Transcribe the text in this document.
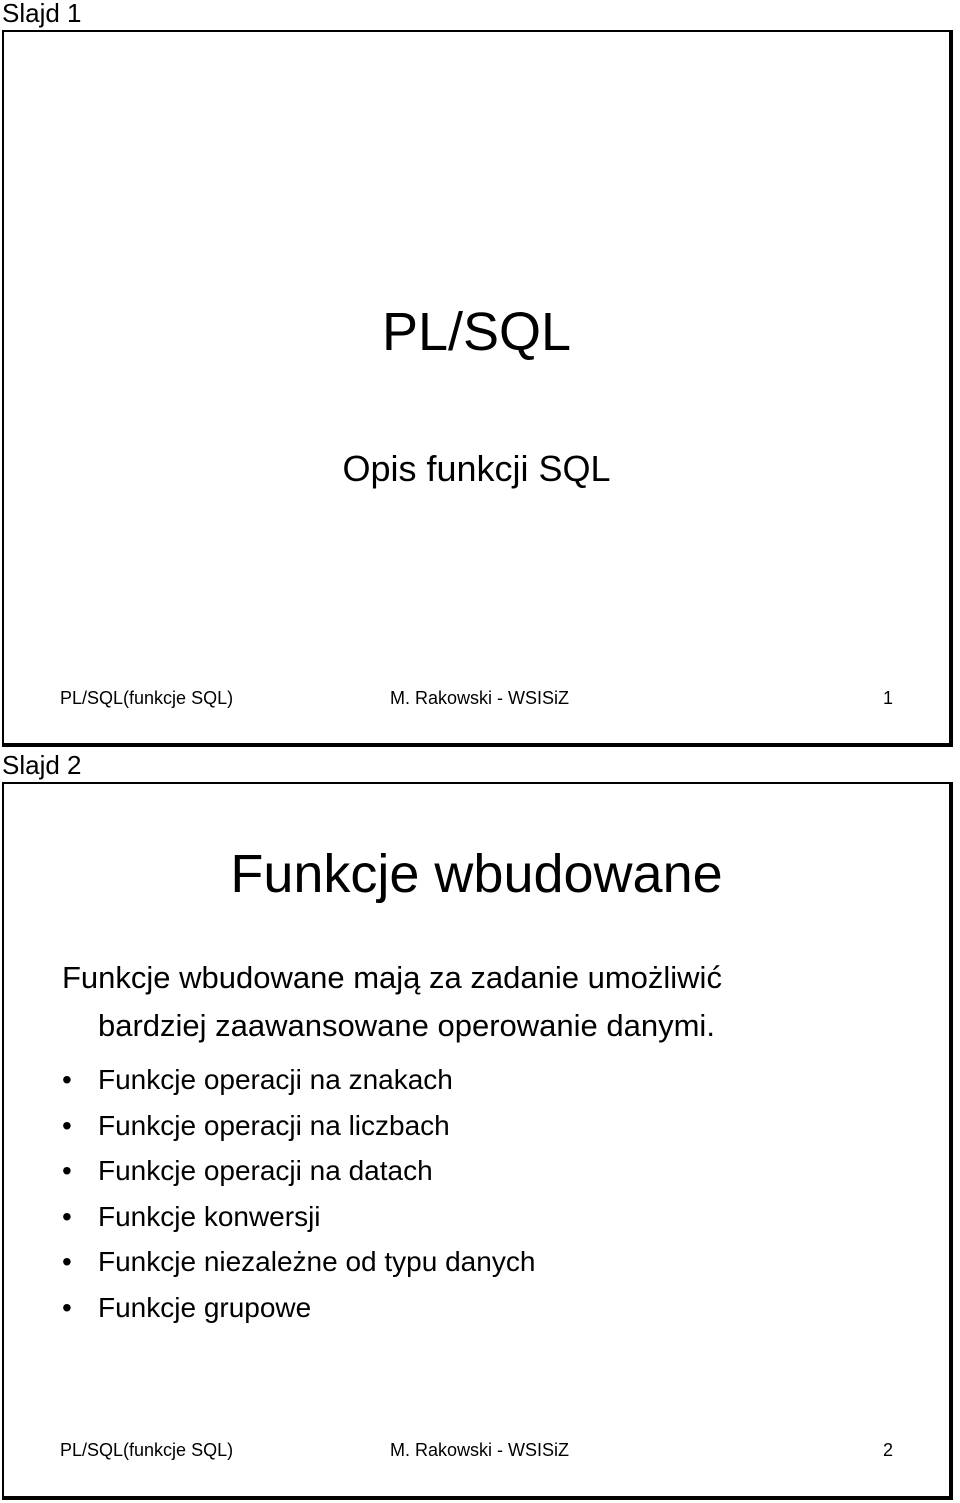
Slajd 1
PL/SQL
Opis funkcji SQL
PL/SQL(funkcje SQL)	M. Rakowski - WSISiZ	1
Slajd 2
Funkcje wbudowane
Funkcje wbudowane mają za zadanie umożliwić
bardziej zaawansowane operowanie danymi.
• Funkcje operacji na znakach
• Funkcje operacji na liczbach
• Funkcje operacji na datach
• Funkcje konwersji
• Funkcje niezależne od typu danych
• Funkcje grupowe
PL/SQL(funkcje SQL)	M. Rakowski - WSISiZ	2
